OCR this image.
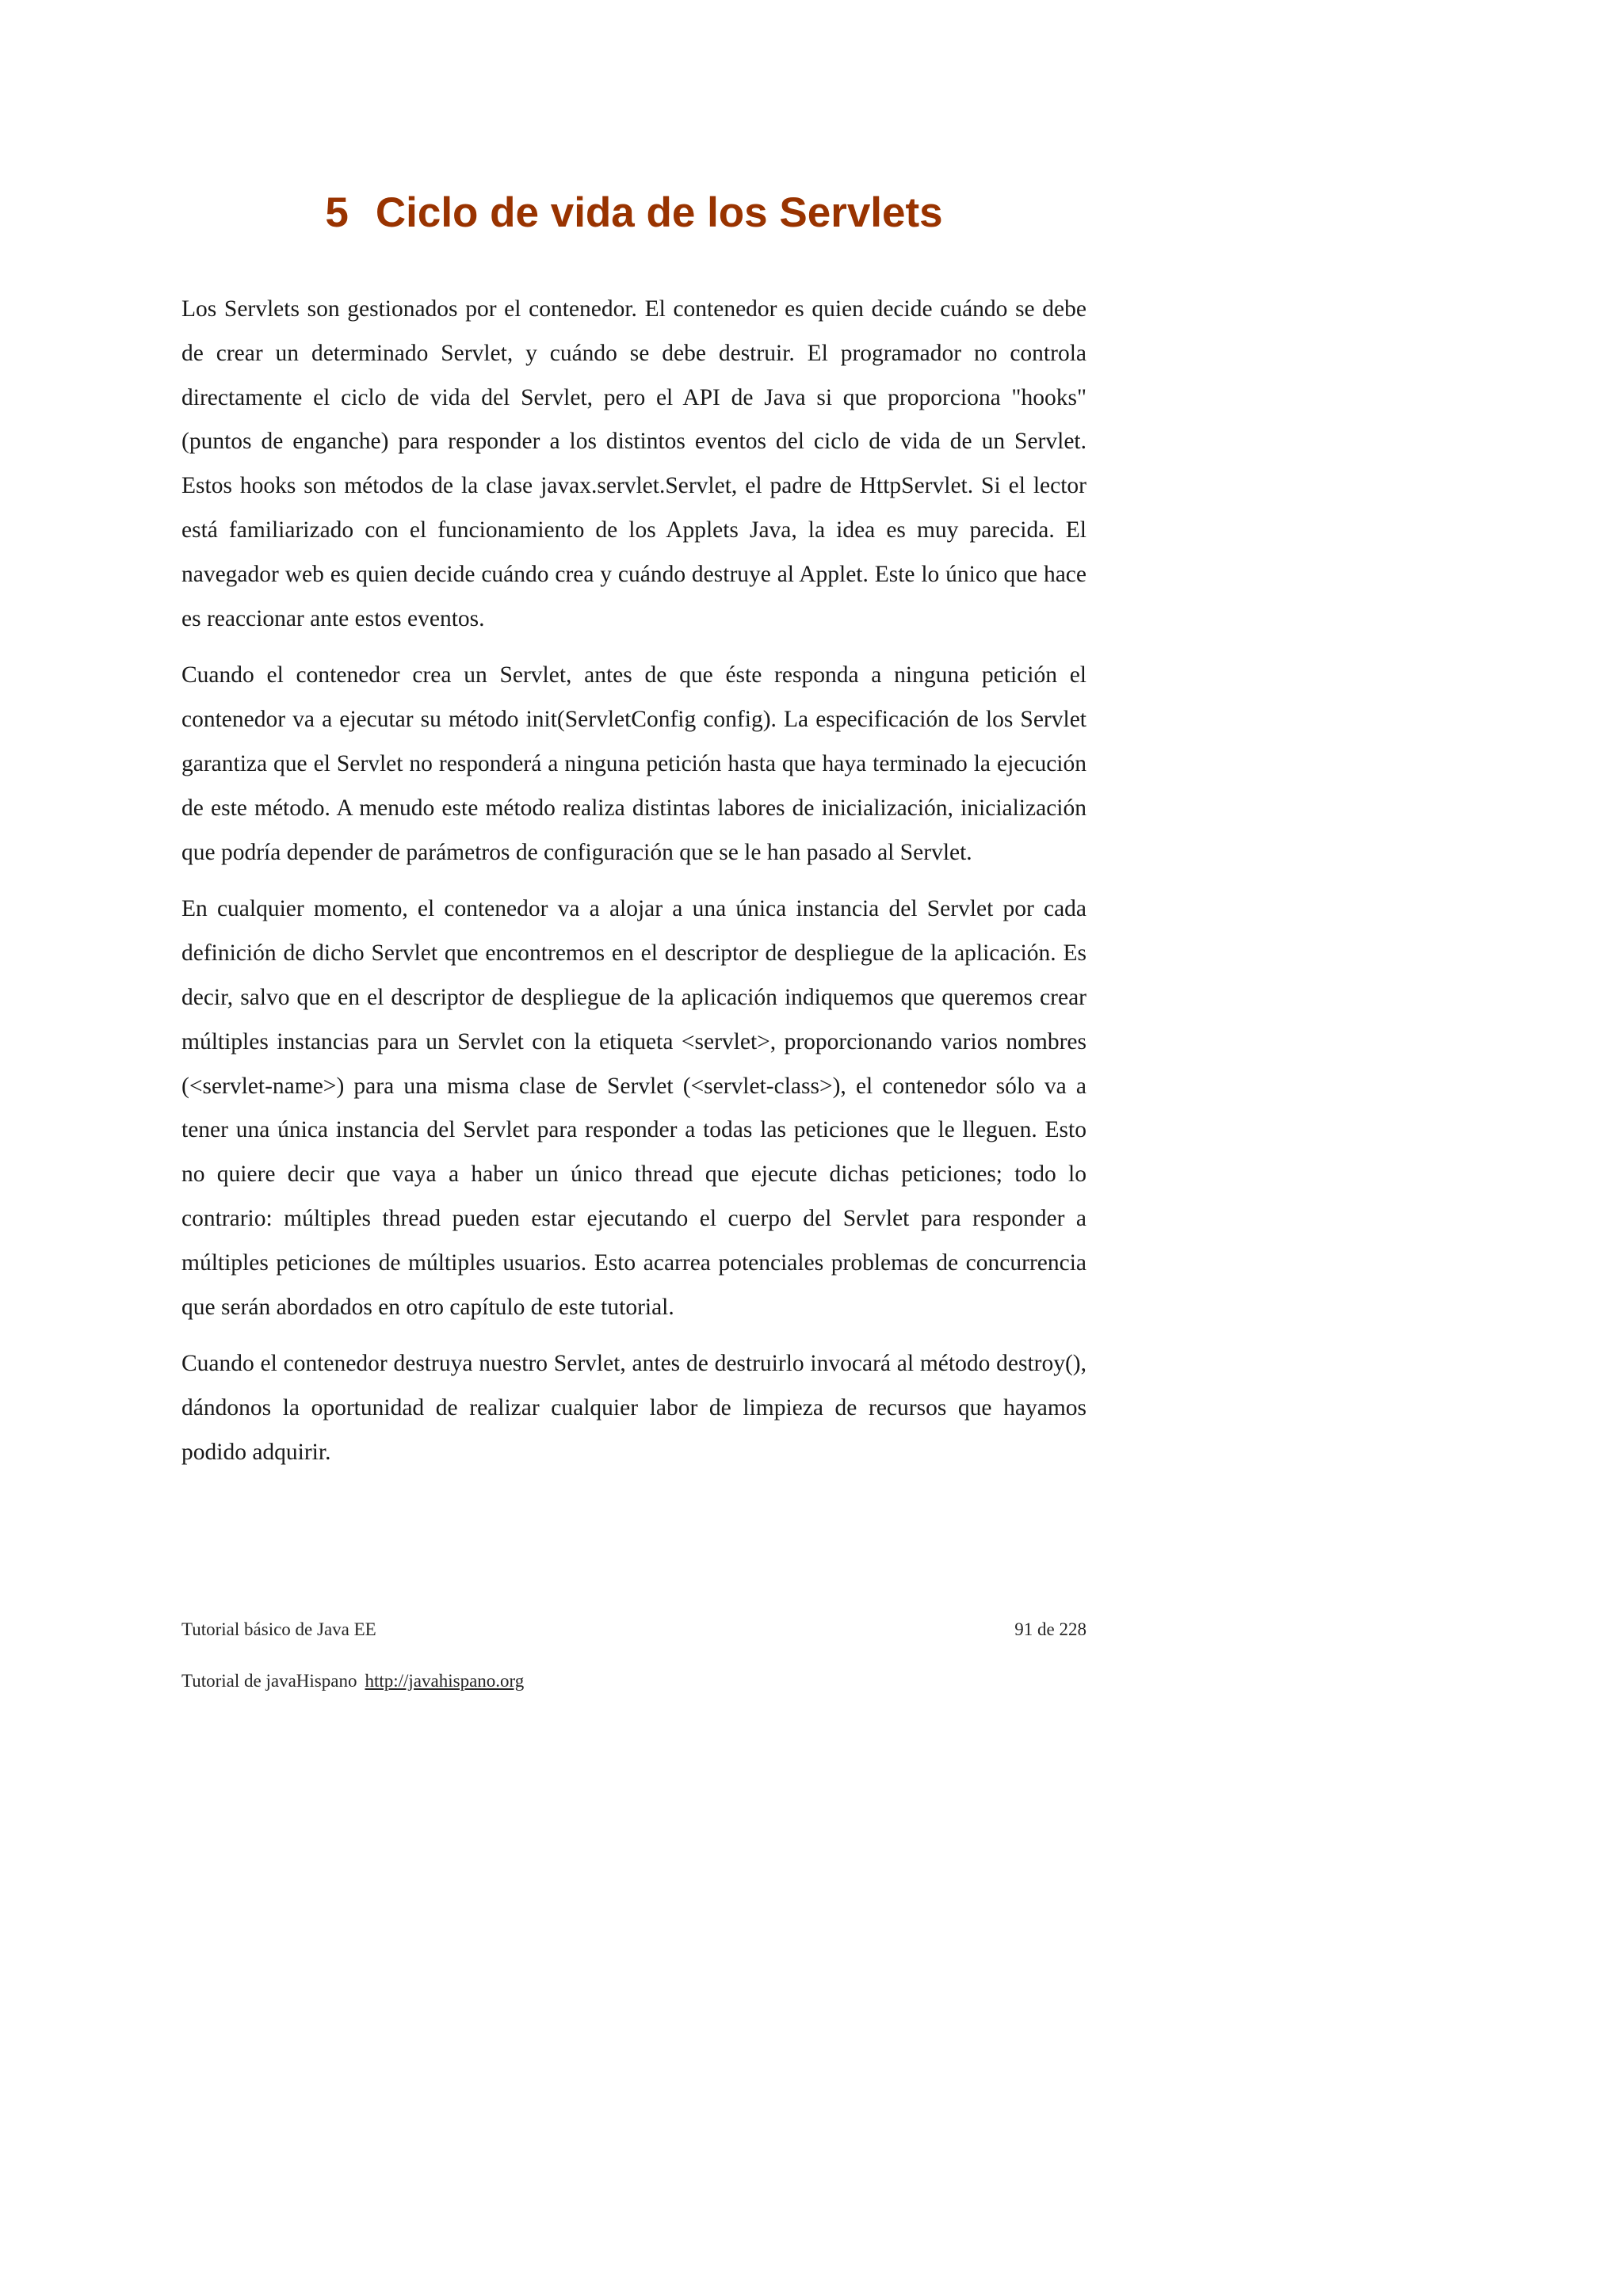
5 Ciclo de vida de los Servlets

Los Servlets son gestionados por el contenedor. El contenedor es quien decide cuándo se debe de crear un determinado Servlet, y cuándo se debe destruir. El programador no controla directamente el ciclo de vida del Servlet, pero el API de Java si que proporciona "hooks" (puntos de enganche) para responder a los distintos eventos del ciclo de vida de un Servlet. Estos hooks son métodos de la clase javax.servlet.Servlet, el padre de HttpServlet. Si el lector está familiarizado con el funcionamiento de los Applets Java, la idea es muy parecida. El navegador web es quien decide cuándo crea y cuándo destruye al Applet. Este lo único que hace es reaccionar ante estos eventos.

Cuando el contenedor crea un Servlet, antes de que éste responda a ninguna petición el contenedor va a ejecutar su método init(ServletConfig config). La especificación de los Servlet garantiza que el Servlet no responderá a ninguna petición hasta que haya terminado la ejecución de este método. A menudo este método realiza distintas labores de inicialización, inicialización que podría depender de parámetros de configuración que se le han pasado al Servlet.

En cualquier momento, el contenedor va a alojar a una única instancia del Servlet por cada definición de dicho Servlet que encontremos en el descriptor de despliegue de la aplicación. Es decir, salvo que en el descriptor de despliegue de la aplicación indiquemos que queremos crear múltiples instancias para un Servlet con la etiqueta <servlet>, proporcionando varios nombres (<servlet-name>) para una misma clase de Servlet (<servlet-class>), el contenedor sólo va a tener una única instancia del Servlet para responder a todas las peticiones que le lleguen. Esto no quiere decir que vaya a haber un único thread que ejecute dichas peticiones; todo lo contrario: múltiples thread pueden estar ejecutando el cuerpo del Servlet para responder a múltiples peticiones de múltiples usuarios. Esto acarrea potenciales problemas de concurrencia que serán abordados en otro capítulo de este tutorial.

Cuando el contenedor destruya nuestro Servlet, antes de destruirlo invocará al método destroy(), dándonos la oportunidad de realizar cualquier labor de limpieza de recursos que hayamos podido adquirir.

Tutorial básico de Java EE	91 de 228
Tutorial de javaHispano http://javahispano.org
